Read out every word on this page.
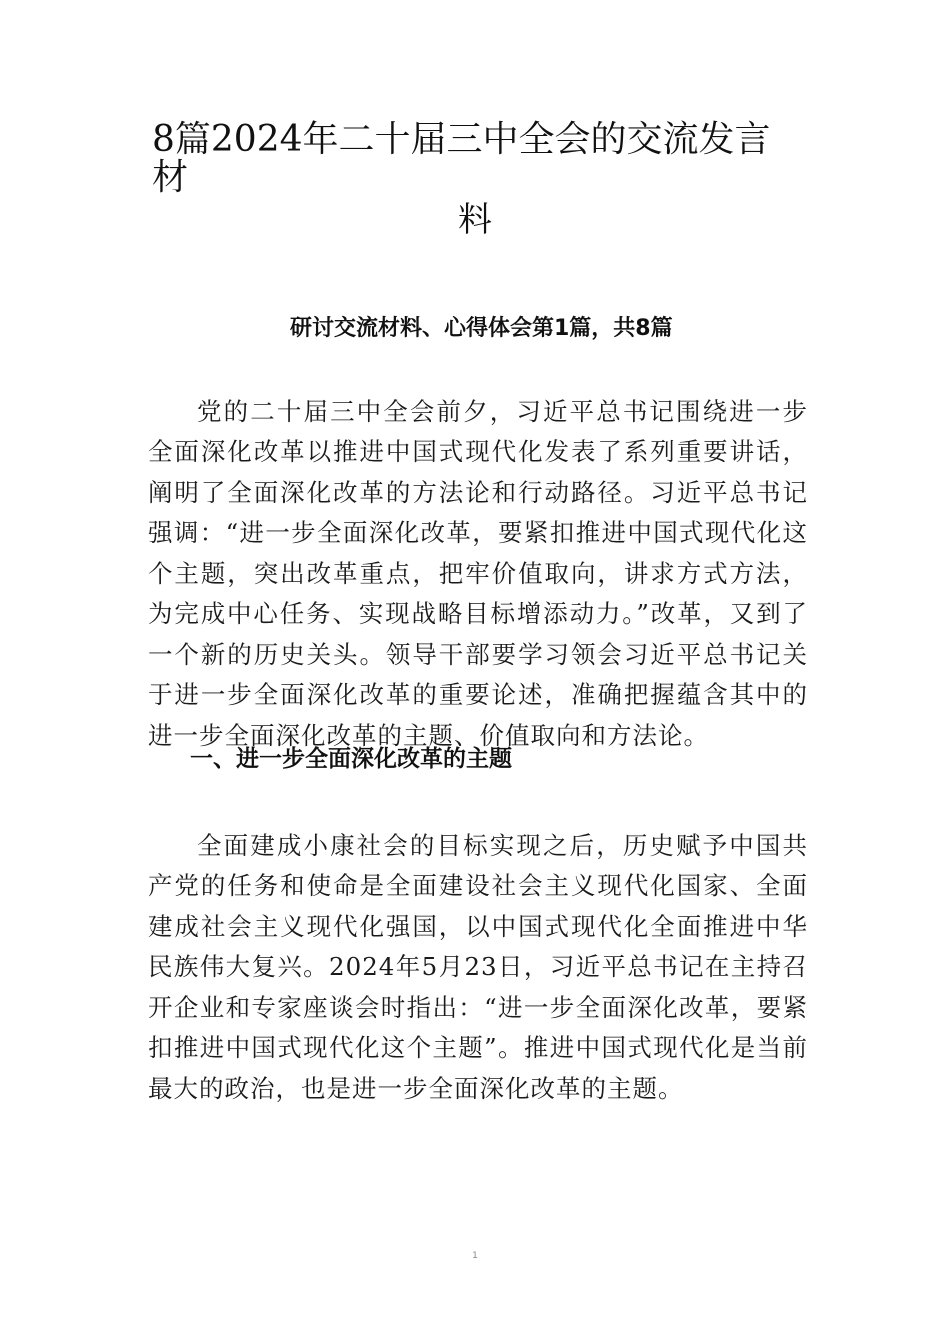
8篇2024年二十届三中全会的交流发言
材
料
研讨交流材料、心得体会第1篇，共8篇

党的二十届三中全会前夕，习近平总书记围绕进一步全面深化改革以推进中国式现代化发表了系列重要讲话，阐明了全面深化改革的方法论和行动路径。习近平总书记强调：“进一步全面深化改革，要紧扣推进中国式现代化这个主题，突出改革重点，把牢价值取向，讲求方式方法，为完成中心任务、实现战略目标增添动力。”改革，又到了一个新的历史关头。领导干部要学习领会习近平总书记关于进一步全面深化改革的重要论述，准确把握蕴含其中的进一步全面深化改革的主题、价值取向和方法论。

一、进一步全面深化改革的主题

全面建成小康社会的目标实现之后，历史赋予中国共产党的任务和使命是全面建设社会主义现代化国家、全面建成社会主义现代化强国，以中国式现代化全面推进中华民族伟大复兴。2024年5月23日，习近平总书记在主持召 开企业和专家座谈会时指出：“进一步全面深化改革，要紧 扣推进中国式现代化这个主题”。推进中国式现代化是当前 最大的政治，也是进一步全面深化改革的主题。

1
